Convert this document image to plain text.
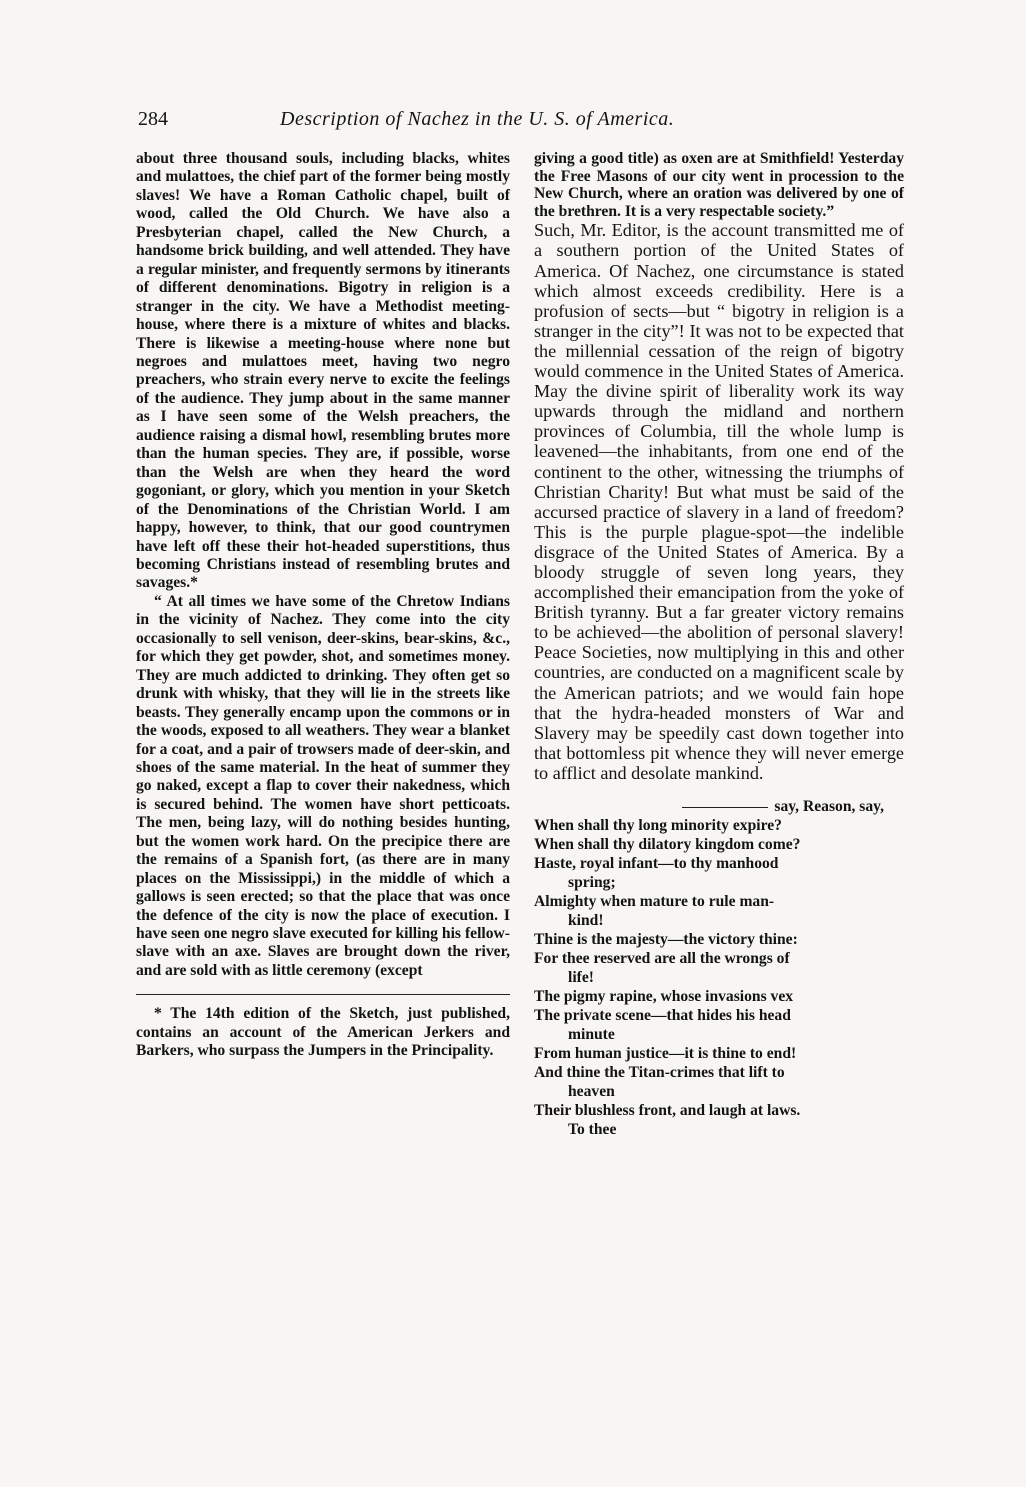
284	Description of Nachez in the U. S. of America.

about three thousand souls, including blacks, whites and mulattoes, the chief part of the former being mostly slaves! We have a Roman Catholic chapel, built of wood, called the Old Church. We have also a Presbyterian chapel, called the New Church, a handsome brick building, and well attended. They have a regular minister, and frequently sermons by itinerants of different denominations. Bigotry in religion is a stranger in the city. We have a Methodist meeting-house, where there is a mixture of whites and blacks. There is likewise a meeting-house where none but negroes and mulattoes meet, having two negro preachers, who strain every nerve to excite the feelings of the audience. They jump about in the same manner as I have seen some of the Welsh preachers, the audience raising a dismal howl, resembling brutes more than the human species. They are, if possible, worse than the Welsh are when they heard the word gogoniant, or glory, which you mention in your Sketch of the Denominations of the Christian World. I am happy, however, to think, that our good countrymen have left off these their hot-headed superstitions, thus becoming Christians instead of resembling brutes and savages.*

“ At all times we have some of the Chretow Indians in the vicinity of Nachez. They come into the city occasionally to sell venison, deer-skins, bear-skins, &c., for which they get powder, shot, and sometimes money. They are much addicted to drinking. They often get so drunk with whisky, that they will lie in the streets like beasts. They generally encamp upon the commons or in the woods, exposed to all weathers. They wear a blanket for a coat, and a pair of trowsers made of deer-skin, and shoes of the same material. In the heat of summer they go naked, except a flap to cover their nakedness, which is secured behind. The women have short petticoats. The men, being lazy, will do nothing besides hunting, but the women work hard. On the precipice there are the remains of a Spanish fort, (as there are in many places on the Mississippi,) in the middle of which a gallows is seen erected; so that the place that was once the defence of the city is now the place of execution. I have seen one negro slave executed for killing his fellow-slave with an axe. Slaves are brought down the river, and are sold with as little ceremony (except

* The 14th edition of the Sketch, just published, contains an account of the American Jerkers and Barkers, who surpass the Jumpers in the Principality.

giving a good title) as oxen are at Smithfield! Yesterday the Free Masons of our city went in procession to the New Church, where an oration was delivered by one of the brethren. It is a very respectable society.”

Such, Mr. Editor, is the account transmitted me of a southern portion of the United States of America. Of Nachez, one circumstance is stated which almost exceeds credibility. Here is a profusion of sects—but “ bigotry in religion is a stranger in the city”! It was not to be expected that the millennial cessation of the reign of bigotry would commence in the United States of America. May the divine spirit of liberality work its way upwards through the midland and northern provinces of Columbia, till the whole lump is leavened—the inhabitants, from one end of the continent to the other, witnessing the triumphs of Christian Charity! But what must be said of the accursed practice of slavery in a land of freedom? This is the purple plague-spot—the indelible disgrace of the United States of America. By a bloody struggle of seven long years, they accomplished their emancipation from the yoke of British tyranny. But a far greater victory remains to be achieved—the abolition of personal slavery! Peace Societies, now multiplying in this and other countries, are conducted on a magnificent scale by the American patriots; and we would fain hope that the hydra-headed monsters of War and Slavery may be speedily cast down together into that bottomless pit whence they will never emerge to afflict and desolate mankind.

say, Reason, say,
When shall thy long minority expire?
When shall thy dilatory kingdom come?
Haste, royal infant—to thy manhood
spring;
Almighty when mature to rule man-
kind!
Thine is the majesty—the victory thine:
For thee reserved are all the wrongs of
life!
The pigmy rapine, whose invasions vex
The private scene—that hides his head
minute
From human justice—it is thine to end!
And thine the Titan-crimes that lift to
heaven
Their blushless front, and laugh at laws.
To thee
